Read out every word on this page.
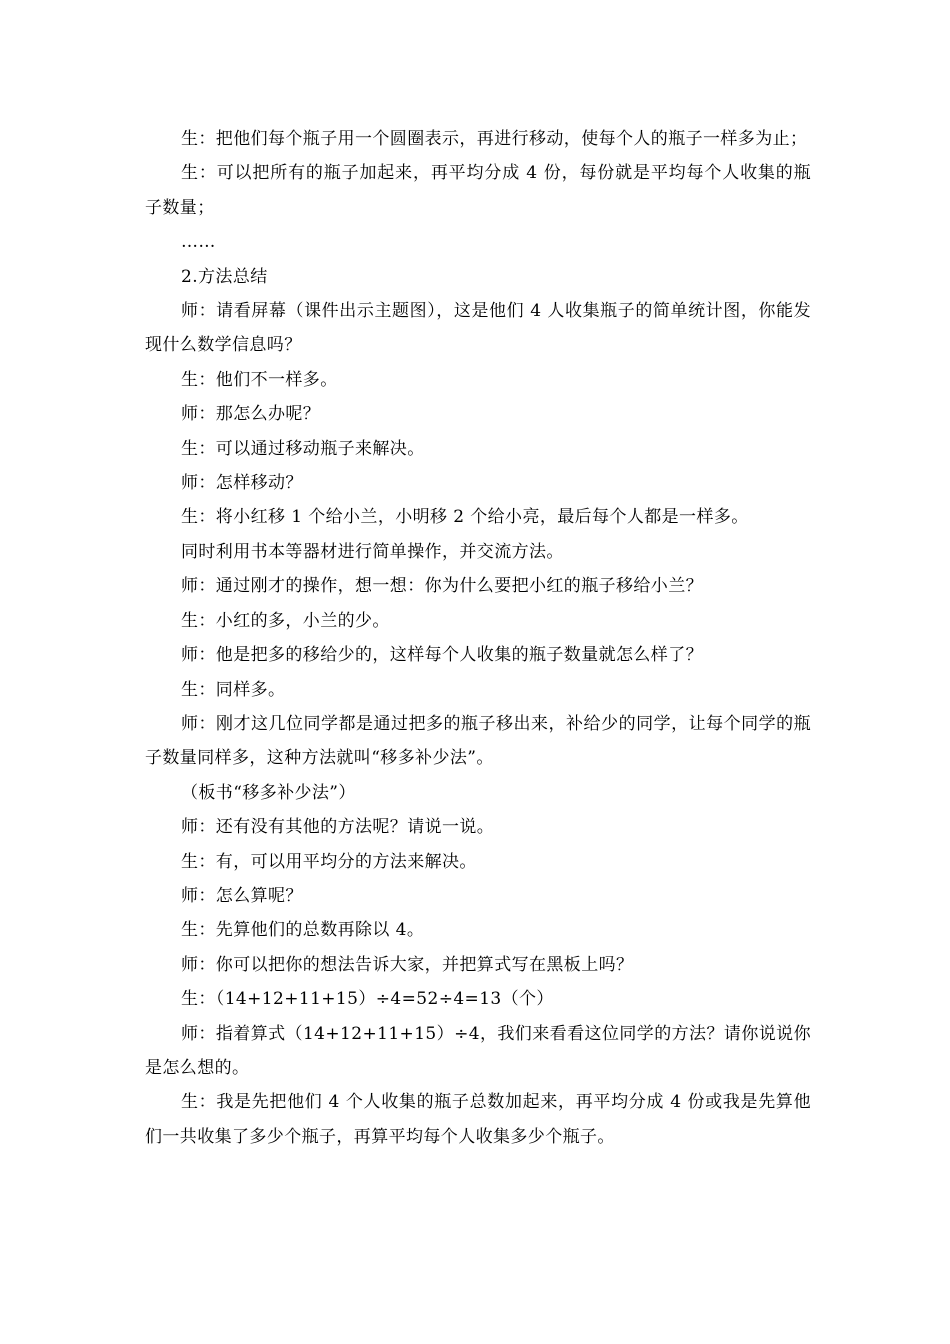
生：把他们每个瓶子用一个圆圈表示，再进行移动，使每个人的瓶子一样多为止；

生：可以把所有的瓶子加起来，再平均分成 4 份，每份就是平均每个人收集的瓶子数量；

……

2.方法总结

师：请看屏幕（课件出示主题图），这是他们 4 人收集瓶子的简单统计图，你能发现什么数学信息吗？

生：他们不一样多。

师：那怎么办呢？

生：可以通过移动瓶子来解决。

师：怎样移动？

生：将小红移 1 个给小兰，小明移 2 个给小亮，最后每个人都是一样多。

同时利用书本等器材进行简单操作，并交流方法。

师：通过刚才的操作，想一想：你为什么要把小红的瓶子移给小兰？

生：小红的多，小兰的少。

师：他是把多的移给少的，这样每个人收集的瓶子数量就怎么样了？

生：同样多。

师：刚才这几位同学都是通过把多的瓶子移出来，补给少的同学，让每个同学的瓶子数量同样多，这种方法就叫“移多补少法”。

（板书“移多补少法”）

师：还有没有其他的方法呢？请说一说。

生：有，可以用平均分的方法来解决。

师：怎么算呢？

生：先算他们的总数再除以 4。

师：你可以把你的想法告诉大家，并把算式写在黑板上吗？

生：（14+12+11+15）÷4=52÷4=13（个）

师：指着算式（14+12+11+15）÷4，我们来看看这位同学的方法？请你说说你是怎么想的。

生：我是先把他们 4 个人收集的瓶子总数加起来，再平均分成 4 份或我是先算他们一共收集了多少个瓶子，再算平均每个人收集多少个瓶子。
